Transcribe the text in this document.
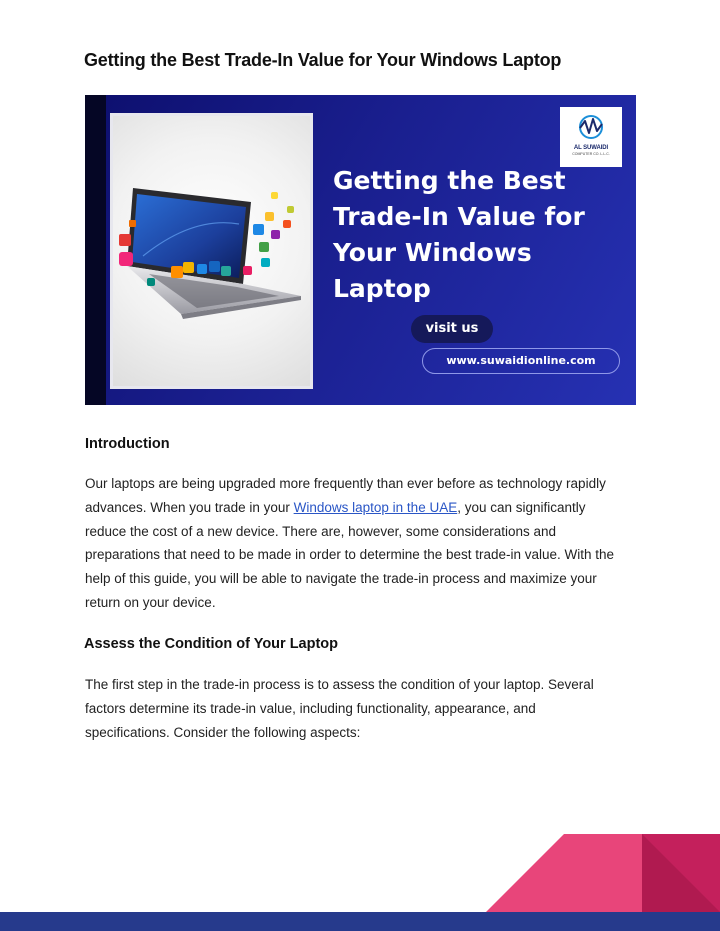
Getting the Best Trade-In Value for Your Windows Laptop
AL SUWAIDI
COMPUTER CO. L.L.C.
Getting the Best
Trade-In Value for
Your Windows
Laptop
visit us
www.suwaidionline.com
Introduction

Our laptops are being upgraded more frequently than ever before as technology rapidly
advances. When you trade in your Windows laptop in the UAE, you can significantly
reduce the cost of a new device. There are, however, some considerations and
preparations that need to be made in order to determine the best trade-in value. With the
help of this guide, you will be able to navigate the trade-in process and maximize your
return on your device.

Assess the Condition of Your Laptop

The first step in the trade-in process is to assess the condition of your laptop. Several
factors determine its trade-in value, including functionality, appearance, and
specifications. Consider the following aspects:
